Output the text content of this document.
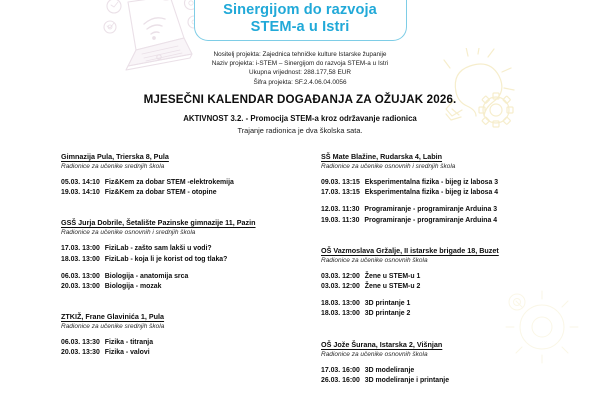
Sinergijom do razvoja
STEM-a u Istri
Nositelj projekta: Zajednica tehničke kulture Istarske županije
Naziv projekta: i-STEM – Sinergijom do razvoja STEM-a u Istri
Ukupna vrijednost: 288.177,58 EUR
Šifra projekta: SF.2.4.06.04.0056
MJESEČNI KALENDAR DOGAĐANJA ZA OŽUJAK 2026.
AKTIVNOST 3.2. - Promocija STEM-a kroz održavanje radionica
Trajanje radionica je dva školska sata.
Gimnazija Pula, Trierska 8, Pula
Radionice za učenike srednjih škola
05.03. 14:10 Fiz&Kem za dobar STEM -elektrokemija
19.03. 14:10 Fiz&Kem za dobar STEM - otopine
GSŠ Jurja Dobrile, Šetalište Pazinske gimnazije 11, Pazin
Radionice za učenike osnovnih i srednjih škola
17.03. 13:00 FiziLab - zašto sam lakši u vodi?
18.03. 13:00 FiziLab - koja li je korist od tog tlaka?
06.03. 13:00 Biologija - anatomija srca
20.03. 13:00 Biologija - mozak
ZTKIŽ, Frane Glavinića 1, Pula
Radionice za učenike srednjih škola
06.03. 13:30 Fizika - titranja
20.03. 13:30 Fizika - valovi
SŠ Mate Blažine, Rudarska 4, Labin
Radionice za učenike osnovnih i srednjih škola
09.03. 13:15 Eksperimentalna fizika - bijeg iz labosa 3
17.03. 13:15 Eksperimentalna fizika - bijeg iz labosa 4
12.03. 11:30 Programiranje - programiranje Arduina 3
19.03. 11:30 Programiranje - programiranje Arduina 4
OŠ Vazmoslava Gržalje, II istarske brigade 18, Buzet
Radionice za učenike osnovnih škola
03.03. 12:00 Žene u STEM-u 1
03.03. 12:00 Žene u STEM-u 2
18.03. 13:00 3D printanje 1
18.03. 13:00 3D printanje 2
OŠ Jože Šurana, Istarska 2, Višnjan
Radionice za učenike osnovnih škola
17.03. 16:00 3D modeliranje
26.03. 16:00 3D modeliranje i printanje
